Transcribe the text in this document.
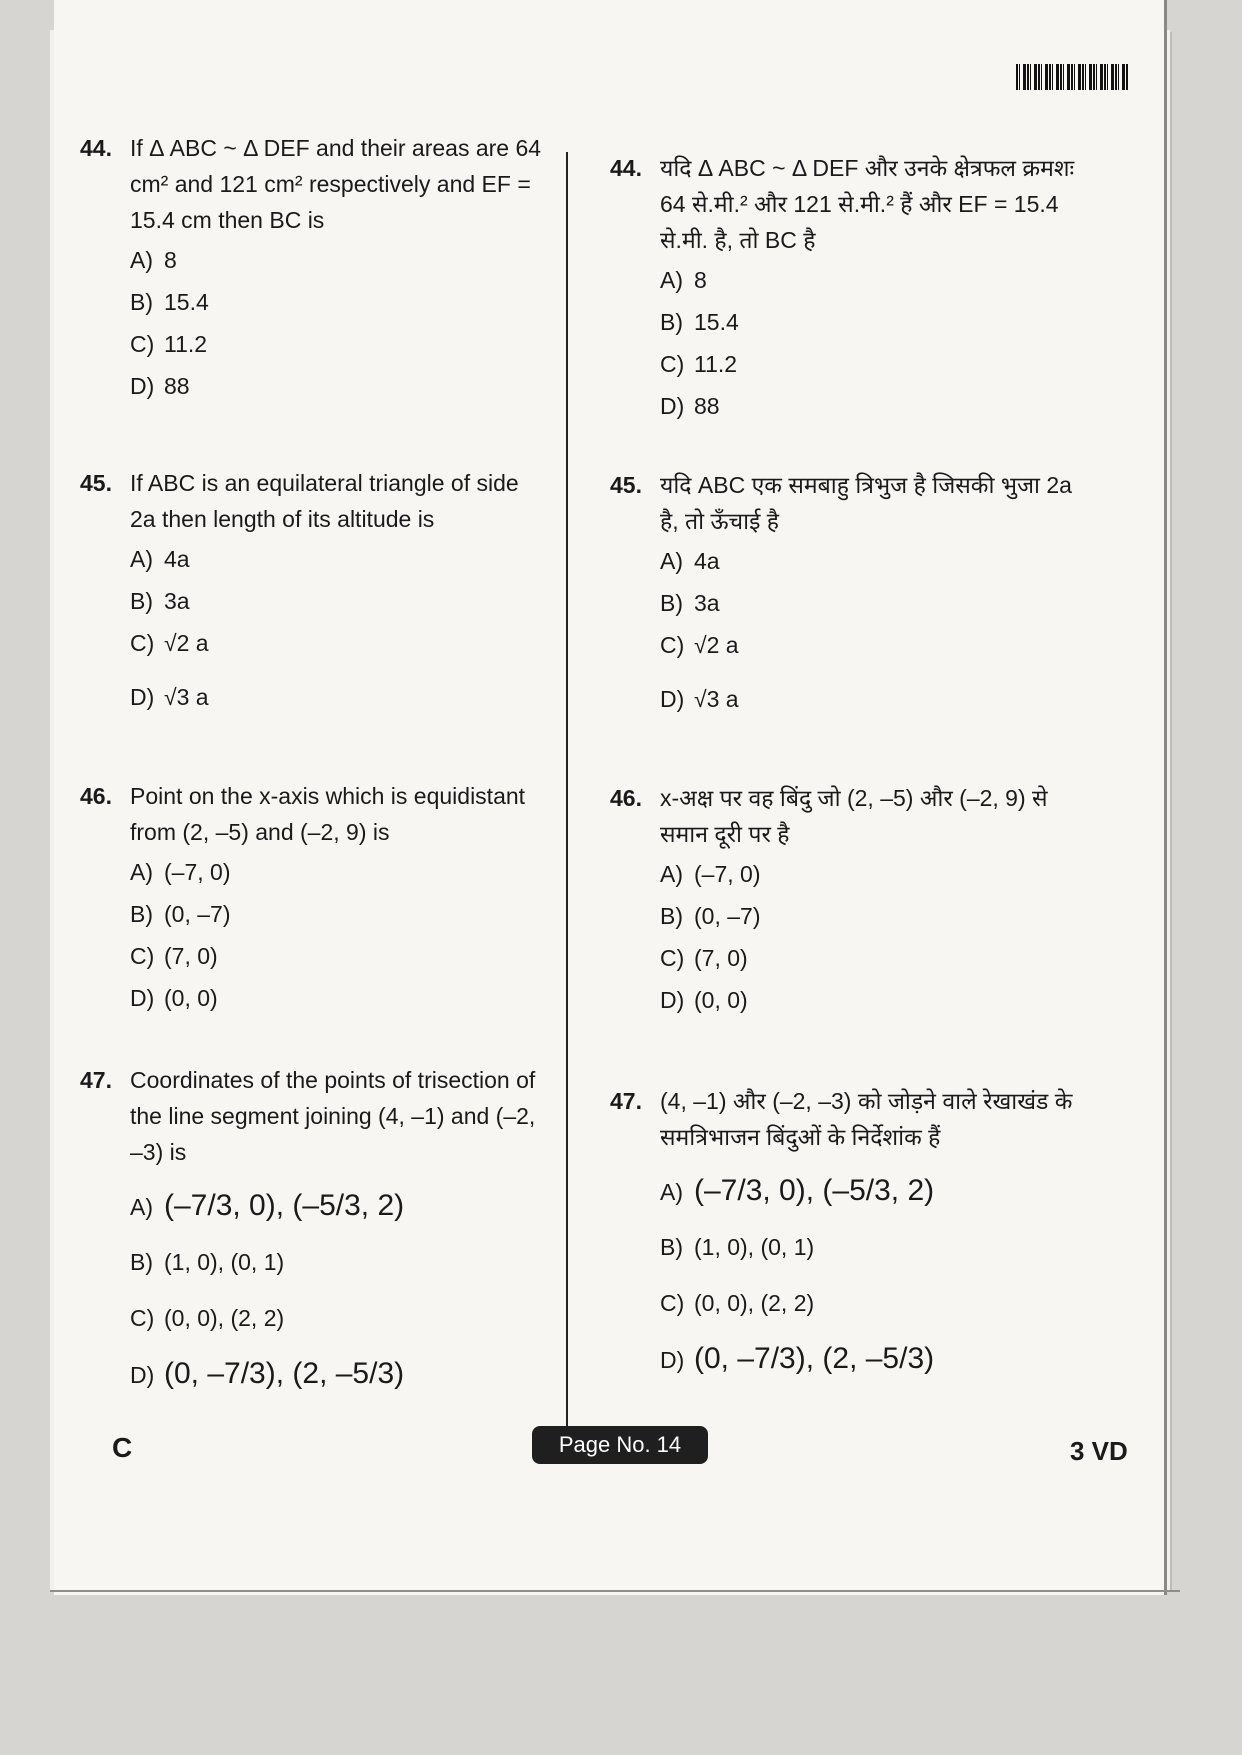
44. If Δ ABC ~ Δ DEF and their areas are 64 cm² and 121 cm² respectively and EF = 15.4 cm then BC is
A) 8
B) 15.4
C) 11.2
D) 88
45. If ABC is an equilateral triangle of side 2a then length of its altitude is
A) 4a
B) 3a
C) √2 a
D) √3 a
46. Point on the x-axis which is equidistant from (2, –5) and (–2, 9) is
A) (–7, 0)
B) (0, –7)
C) (7, 0)
D) (0, 0)
47. Coordinates of the points of trisection of the line segment joining (4, –1) and (–2, –3) is
A) (–7/3, 0), (–5/3, 2)
B) (1, 0), (0, 1)
C) (0, 0), (2, 2)
D) (0, –7/3), (2, –5/3)
44. यदि Δ ABC ~ Δ DEF और उनके क्षेत्रफल क्रमशः 64 से.मी.² और 121 से.मी.² हैं और EF = 15.4 से.मी. है, तो BC है
A) 8
B) 15.4
C) 11.2
D) 88
45. यदि ABC एक समबाहु त्रिभुज है जिसकी भुजा 2a है, तो ऊँचाई है
A) 4a
B) 3a
C) √2 a
D) √3 a
46. x-अक्ष पर वह बिंदु जो (2, –5) और (–2, 9) से समान दूरी पर है
A) (–7, 0)
B) (0, –7)
C) (7, 0)
D) (0, 0)
47. (4, –1) और (–2, –3) को जोड़ने वाले रेखाखंड के समत्रिभाजन बिंदुओं के निर्देशांक हैं
A) (–7/3, 0), (–5/3, 2)
B) (1, 0), (0, 1)
C) (0, 0), (2, 2)
D) (0, –7/3), (2, –5/3)
C	Page No. 14	3 VD
